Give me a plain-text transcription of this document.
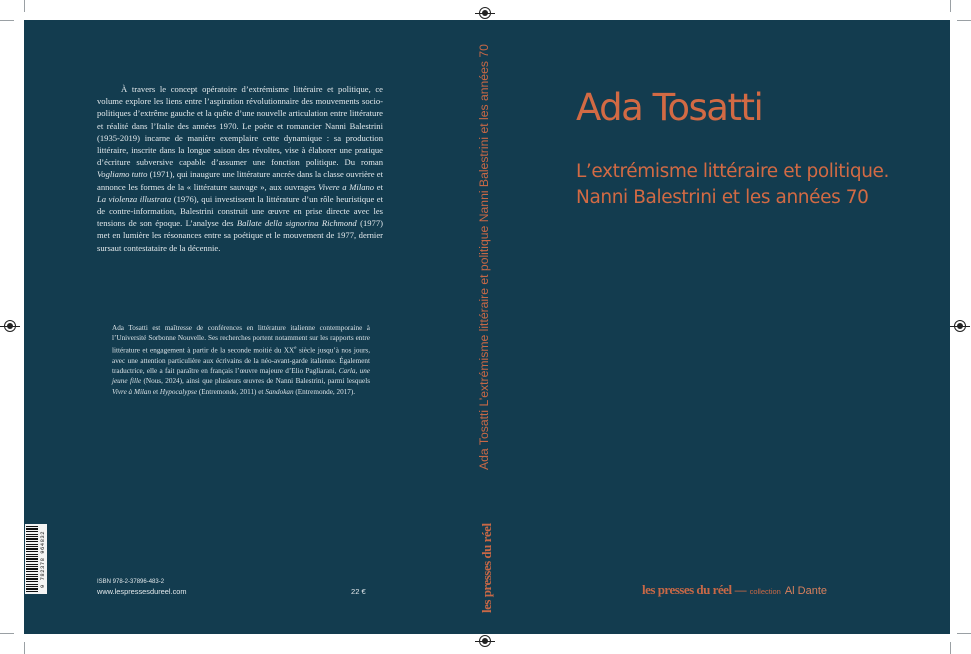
À travers le concept opératoire d’extrémisme littéraire et politique, ce volume explore les liens entre l’aspiration révolutionnaire des mouvements socio-politiques d’extrême gauche et la quête d’une nouvelle articulation entre littérature et réalité dans l’Italie des années 1970. Le poète et romancier Nanni Balestrini (1935-2019) incarne de manière exemplaire cette dynamique : sa production littéraire, inscrite dans la longue saison des révoltes, vise à élaborer une pratique d’écriture subversive capable d’assumer une fonction politique. Du roman Vogliamo tutto (1971), qui inaugure une littérature ancrée dans la classe ouvrière et annonce les formes de la « littérature sauvage », aux ouvrages Vivere a Milano et La violenza illustrata (1976), qui investissent la littérature d’un rôle heuristique et de contre-information, Balestrini construit une œuvre en prise directe avec les tensions de son époque. L’analyse des Ballate della signorina Richmond (1977) met en lumière les résonances entre sa poétique et le mouvement de 1977, dernier sursaut contestataire de la décennie.

Ada Tosatti est maîtresse de conférences en littérature italienne contemporaine à l’Université Sorbonne Nouvelle. Ses recherches portent notamment sur les rapports entre littérature et engagement à partir de la seconde moitié du XXe siècle jusqu’à nos jours, avec une attention particulière aux écrivains de la néo-avant-garde italienne. Également traductrice, elle a fait paraître en français l’œuvre majeure d’Elio Pagliarani, Carla, une jeune fille (Nous, 2024), ainsi que plusieurs œuvres de Nanni Balestrini, parmi lesquels Vivre à Milan et Hypocalypse (Entremonde, 2011) et Sandokan (Entremonde, 2017).

9 782378 964832	ISBN 978-2-37896-483-2
www.lespressesdureel.com	22 €
Ada Tosatti L’extrémisme littéraire et politique Nanni Balestrini et les années 70
les presses du réel
Ada Tosatti
L’extrémisme littéraire et politique.
Nanni Balestrini et les années 70
les presses du réel — collection Al Dante
